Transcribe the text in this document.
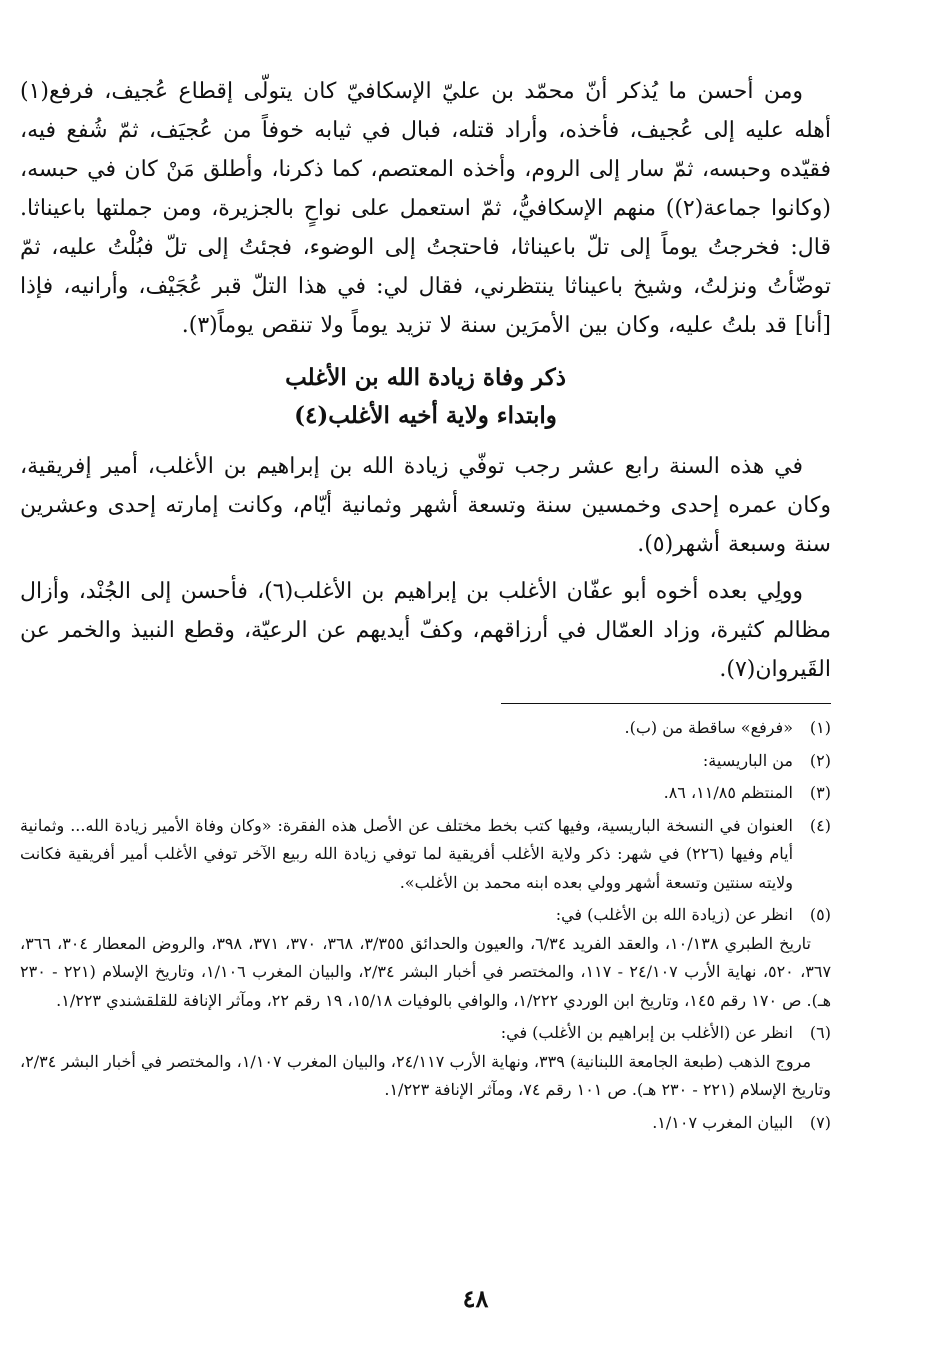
ومن أحسن ما يُذكر أنّ محمّد بن عليّ الإسكافيّ كان يتولّى إقطاع عُجيف، فرفع(١) أهله عليه إلى عُجيف، فأخذه، وأراد قتله، فبال في ثيابه خوفاً من عُجيَف، ثمّ شُفع فيه، فقيّده وحبسه، ثمّ سار إلى الروم، وأخذه المعتصم، كما ذكرنا، وأطلق مَنْ كان في حبسه، (وكانوا جماعة(٢)) منهم الإسكافيُّ، ثمّ استعمل على نواحٍ بالجزيرة، ومن جملتها باعيناثا. قال: فخرجتُ يوماً إلى تلّ باعيناثا، فاحتجتُ إلى الوضوء، فجئتُ إلى تلّ فبُلْتُ عليه، ثمّ توضّأتُ ونزلتُ، وشيخ باعيناثا ينتظرني، فقال لي: في هذا التلّ قبر عُجَيْف، وأرانيه، فإذا [أنا] قد بلتُ عليه، وكان بين الأمرَين سنة لا تزيد يوماً ولا تنقص يوماً(٣).

ذكر وفاة زيادة الله بن الأغلب
وابتداء ولاية أخيه الأغلب(٤)

في هذه السنة رابع عشر رجب توفّي زيادة الله بن إبراهيم بن الأغلب، أمير إفريقية، وكان عمره إحدى وخمسين سنة وتسعة أشهر وثمانية أيّام، وكانت إمارته إحدى وعشرين سنة وسبعة أشهر(٥).

وولِي بعده أخوه أبو عفّان الأغلب بن إبراهيم بن الأغلب(٦)، فأحسن إلى الجُنْد، وأزال مظالم كثيرة، وزاد العمّال في أرزاقهم، وكفّ أيديهم عن الرعيّة، وقطع النبيذ والخمر عن القَيروان(٧).

(١)
«فرفع» ساقطة من (ب).
(٢)
من الباريسية:
(٣)
المنتظم ١١/٨٥، ٨٦.
(٤)
العنوان في النسخة الباريسية، وفيها كتب بخط مختلف عن الأصل هذه الفقرة: «وكان وفاة الأمير زيادة الله... وثمانية أيام وفيها (٢٢٦) في شهر: ذكر ولاية الأغلب أفريقية لما توفي زيادة الله ربيع الآخر توفي الأغلب أمير أفريقية فكانت ولايته سنتين وتسعة أشهر وولي بعده ابنه محمد بن الأغلب».
(٥)
انظر عن (زيادة الله بن الأغلب) في:
تاريخ الطبري ١٠/١٣٨، والعقد الفريد ٦/٣٤، والعيون والحدائق ٣/٣٥٥، ٣٦٨، ٣٧٠، ٣٧١، ٣٩٨، والروض المعطار ٣٠٤، ٣٦٦، ٣٦٧، ٥٢٠، نهاية الأرب ٢٤/١٠٧ - ١١٧، والمختصر في أخبار البشر ٢/٣٤، والبيان المغرب ١/١٠٦، وتاريخ الإسلام (٢٢١ - ٢٣٠ هـ). ص ١٧٠ رقم ١٤٥، وتاريخ ابن الوردي ١/٢٢٢، والوافي بالوفيات ١٥/١٨، ١٩ رقم ٢٢، ومآثر الإنافة للقلقشندي ١/٢٢٣.
(٦)
انظر عن (الأغلب بن إبراهيم بن الأغلب) في:
مروج الذهب (طبعة الجامعة اللبنانية) ٣٣٩، ونهاية الأرب ٢٤/١١٧، والبيان المغرب ١/١٠٧، والمختصر في أخبار البشر ٢/٣٤، وتاريخ الإسلام (٢٢١ - ٢٣٠ هـ). ص ١٠١ رقم ٧٤، ومآثر الإنافة ١/٢٢٣.
(٧)
البيان المغرب ١/١٠٧.
٤٨
